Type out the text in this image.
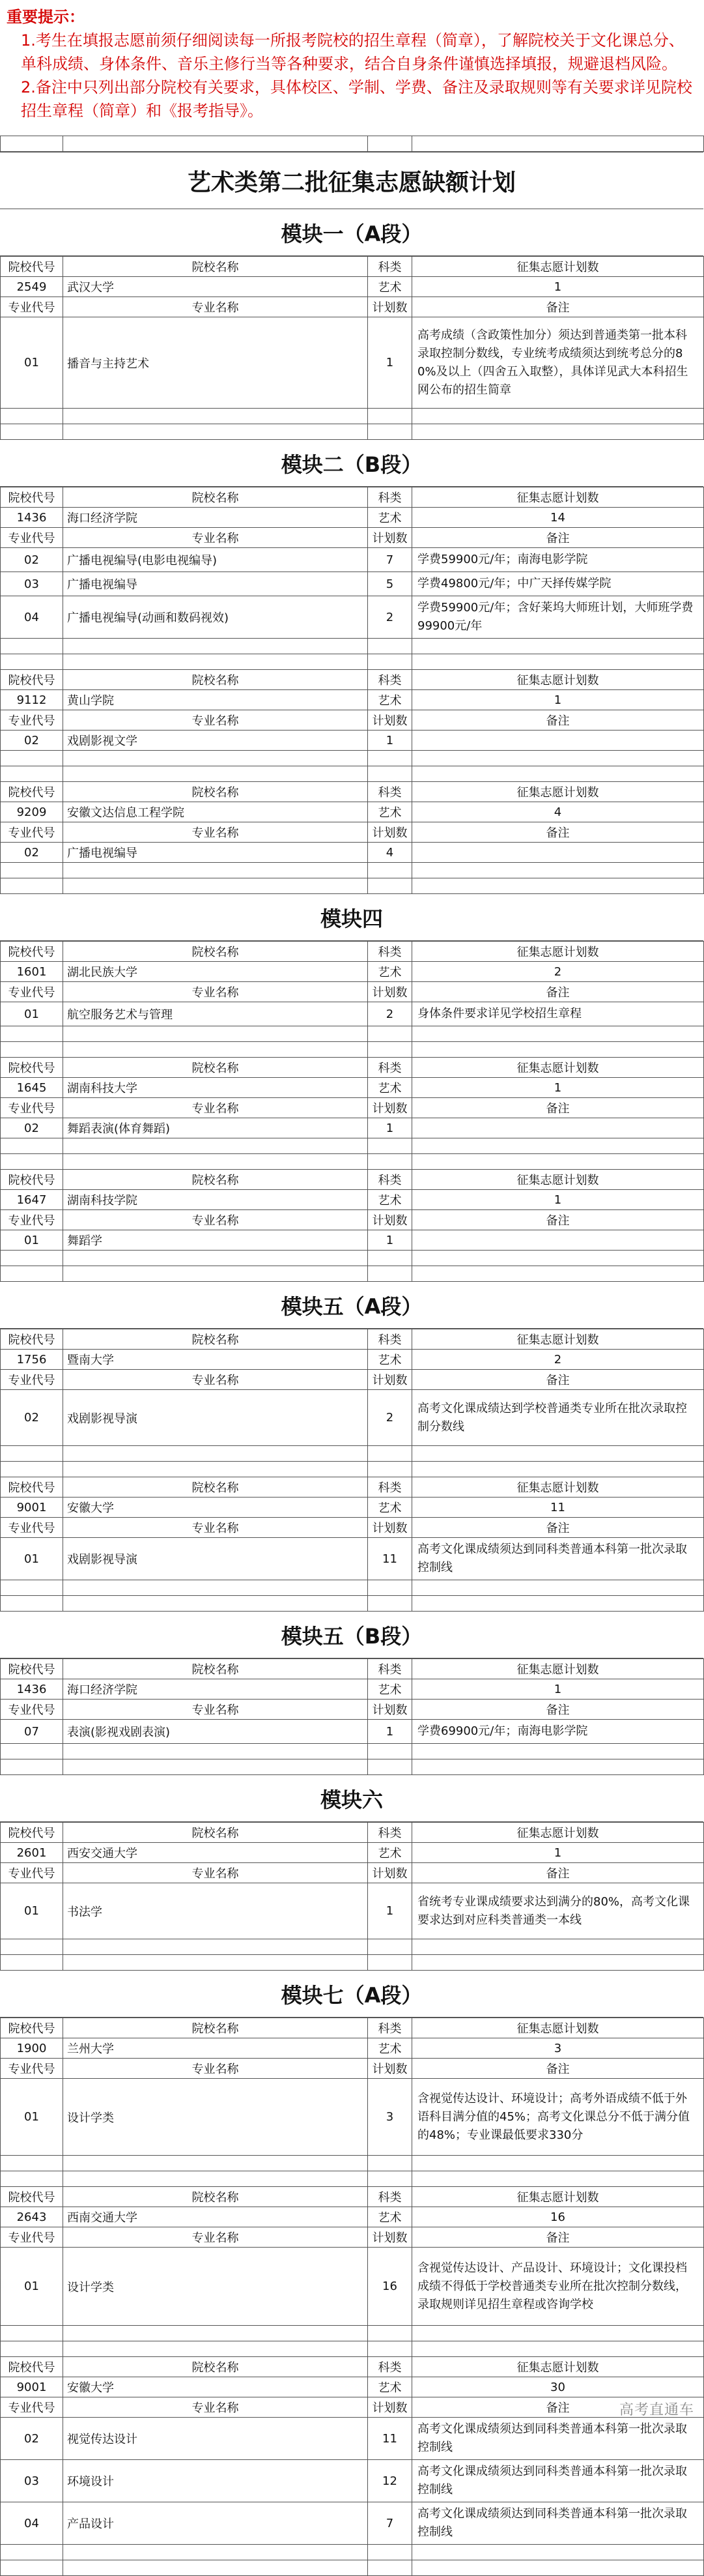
重要提示：
1.考生在填报志愿前须仔细阅读每一所报考院校的招生章程（简章），了解院校关于文化课总分、单科成绩、身体条件、音乐主修行当等各种要求，结合自身条件谨慎选择填报，规避退档风险。
2.备注中只列出部分院校有关要求，具体校区、学制、学费、备注及录取规则等有关要求详见院校招生章程（简章）和《报考指导》。

艺术类第二批征集志愿缺额计划
模块一（A段）
院校代号	院校名称	科类	征集志愿计划数
2549	武汉大学	艺术	1
专业代号	专业名称	计划数	备注
01	播音与主持艺术	1	高考成绩（含政策性加分）须达到普通类第一批本科录取控制分数线，专业统考成绩须达到统考总分的80%及以上（四舍五入取整），具体详见武大本科招生网公布的招生简章

模块二（B段）
院校代号	院校名称	科类	征集志愿计划数
1436	海口经济学院	艺术	14
专业代号	专业名称	计划数	备注
02	广播电视编导(电影电视编导)	7	学费59900元/年；南海电影学院
03	广播电视编导	5	学费49800元/年；中广天择传媒学院
04	广播电视编导(动画和数码视效)	2	学费59900元/年；含好莱坞大师班计划，大师班学费99900元/年

院校代号	院校名称	科类	征集志愿计划数
9112	黄山学院	艺术	1
专业代号	专业名称	计划数	备注
02	戏剧影视文学	1	

院校代号	院校名称	科类	征集志愿计划数
9209	安徽文达信息工程学院	艺术	4
专业代号	专业名称	计划数	备注
02	广播电视编导	4	

模块四
院校代号	院校名称	科类	征集志愿计划数
1601	湖北民族大学	艺术	2
专业代号	专业名称	计划数	备注
01	航空服务艺术与管理	2	身体条件要求详见学校招生章程

院校代号	院校名称	科类	征集志愿计划数
1645	湖南科技大学	艺术	1
专业代号	专业名称	计划数	备注
02	舞蹈表演(体育舞蹈)	1	

院校代号	院校名称	科类	征集志愿计划数
1647	湖南科技学院	艺术	1
专业代号	专业名称	计划数	备注
01	舞蹈学	1	

模块五（A段）
院校代号	院校名称	科类	征集志愿计划数
1756	暨南大学	艺术	2
专业代号	专业名称	计划数	备注
02	戏剧影视导演	2	高考文化课成绩达到学校普通类专业所在批次录取控制分数线

院校代号	院校名称	科类	征集志愿计划数
9001	安徽大学	艺术	11
专业代号	专业名称	计划数	备注
01	戏剧影视导演	11	高考文化课成绩须达到同科类普通本科第一批次录取控制线

模块五（B段）
院校代号	院校名称	科类	征集志愿计划数
1436	海口经济学院	艺术	1
专业代号	专业名称	计划数	备注
07	表演(影视戏剧表演)	1	学费69900元/年；南海电影学院

模块六
院校代号	院校名称	科类	征集志愿计划数
2601	西安交通大学	艺术	1
专业代号	专业名称	计划数	备注
01	书法学	1	省统考专业课成绩要求达到满分的80%，高考文化课要求达到对应科类普通类一本线

模块七（A段）
院校代号	院校名称	科类	征集志愿计划数
1900	兰州大学	艺术	3
专业代号	专业名称	计划数	备注
01	设计学类	3	含视觉传达设计、环境设计；高考外语成绩不低于外语科目满分值的45%；高考文化课总分不低于满分值的48%；专业课最低要求330分

院校代号	院校名称	科类	征集志愿计划数
2643	西南交通大学	艺术	16
专业代号	专业名称	计划数	备注
01	设计学类	16	含视觉传达设计、产品设计、环境设计；文化课投档成绩不得低于学校普通类专业所在批次控制分数线，录取规则详见招生章程或咨询学校

院校代号	院校名称	科类	征集志愿计划数
9001	安徽大学	艺术	30
专业代号	专业名称	计划数	备注
02	视觉传达设计	11	高考文化课成绩须达到同科类普通本科第一批次录取控制线
03	环境设计	12	高考文化课成绩须达到同科类普通本科第一批次录取控制线
04	产品设计	7	高考文化课成绩须达到同科类普通本科第一批次录取控制线

高考直通车
